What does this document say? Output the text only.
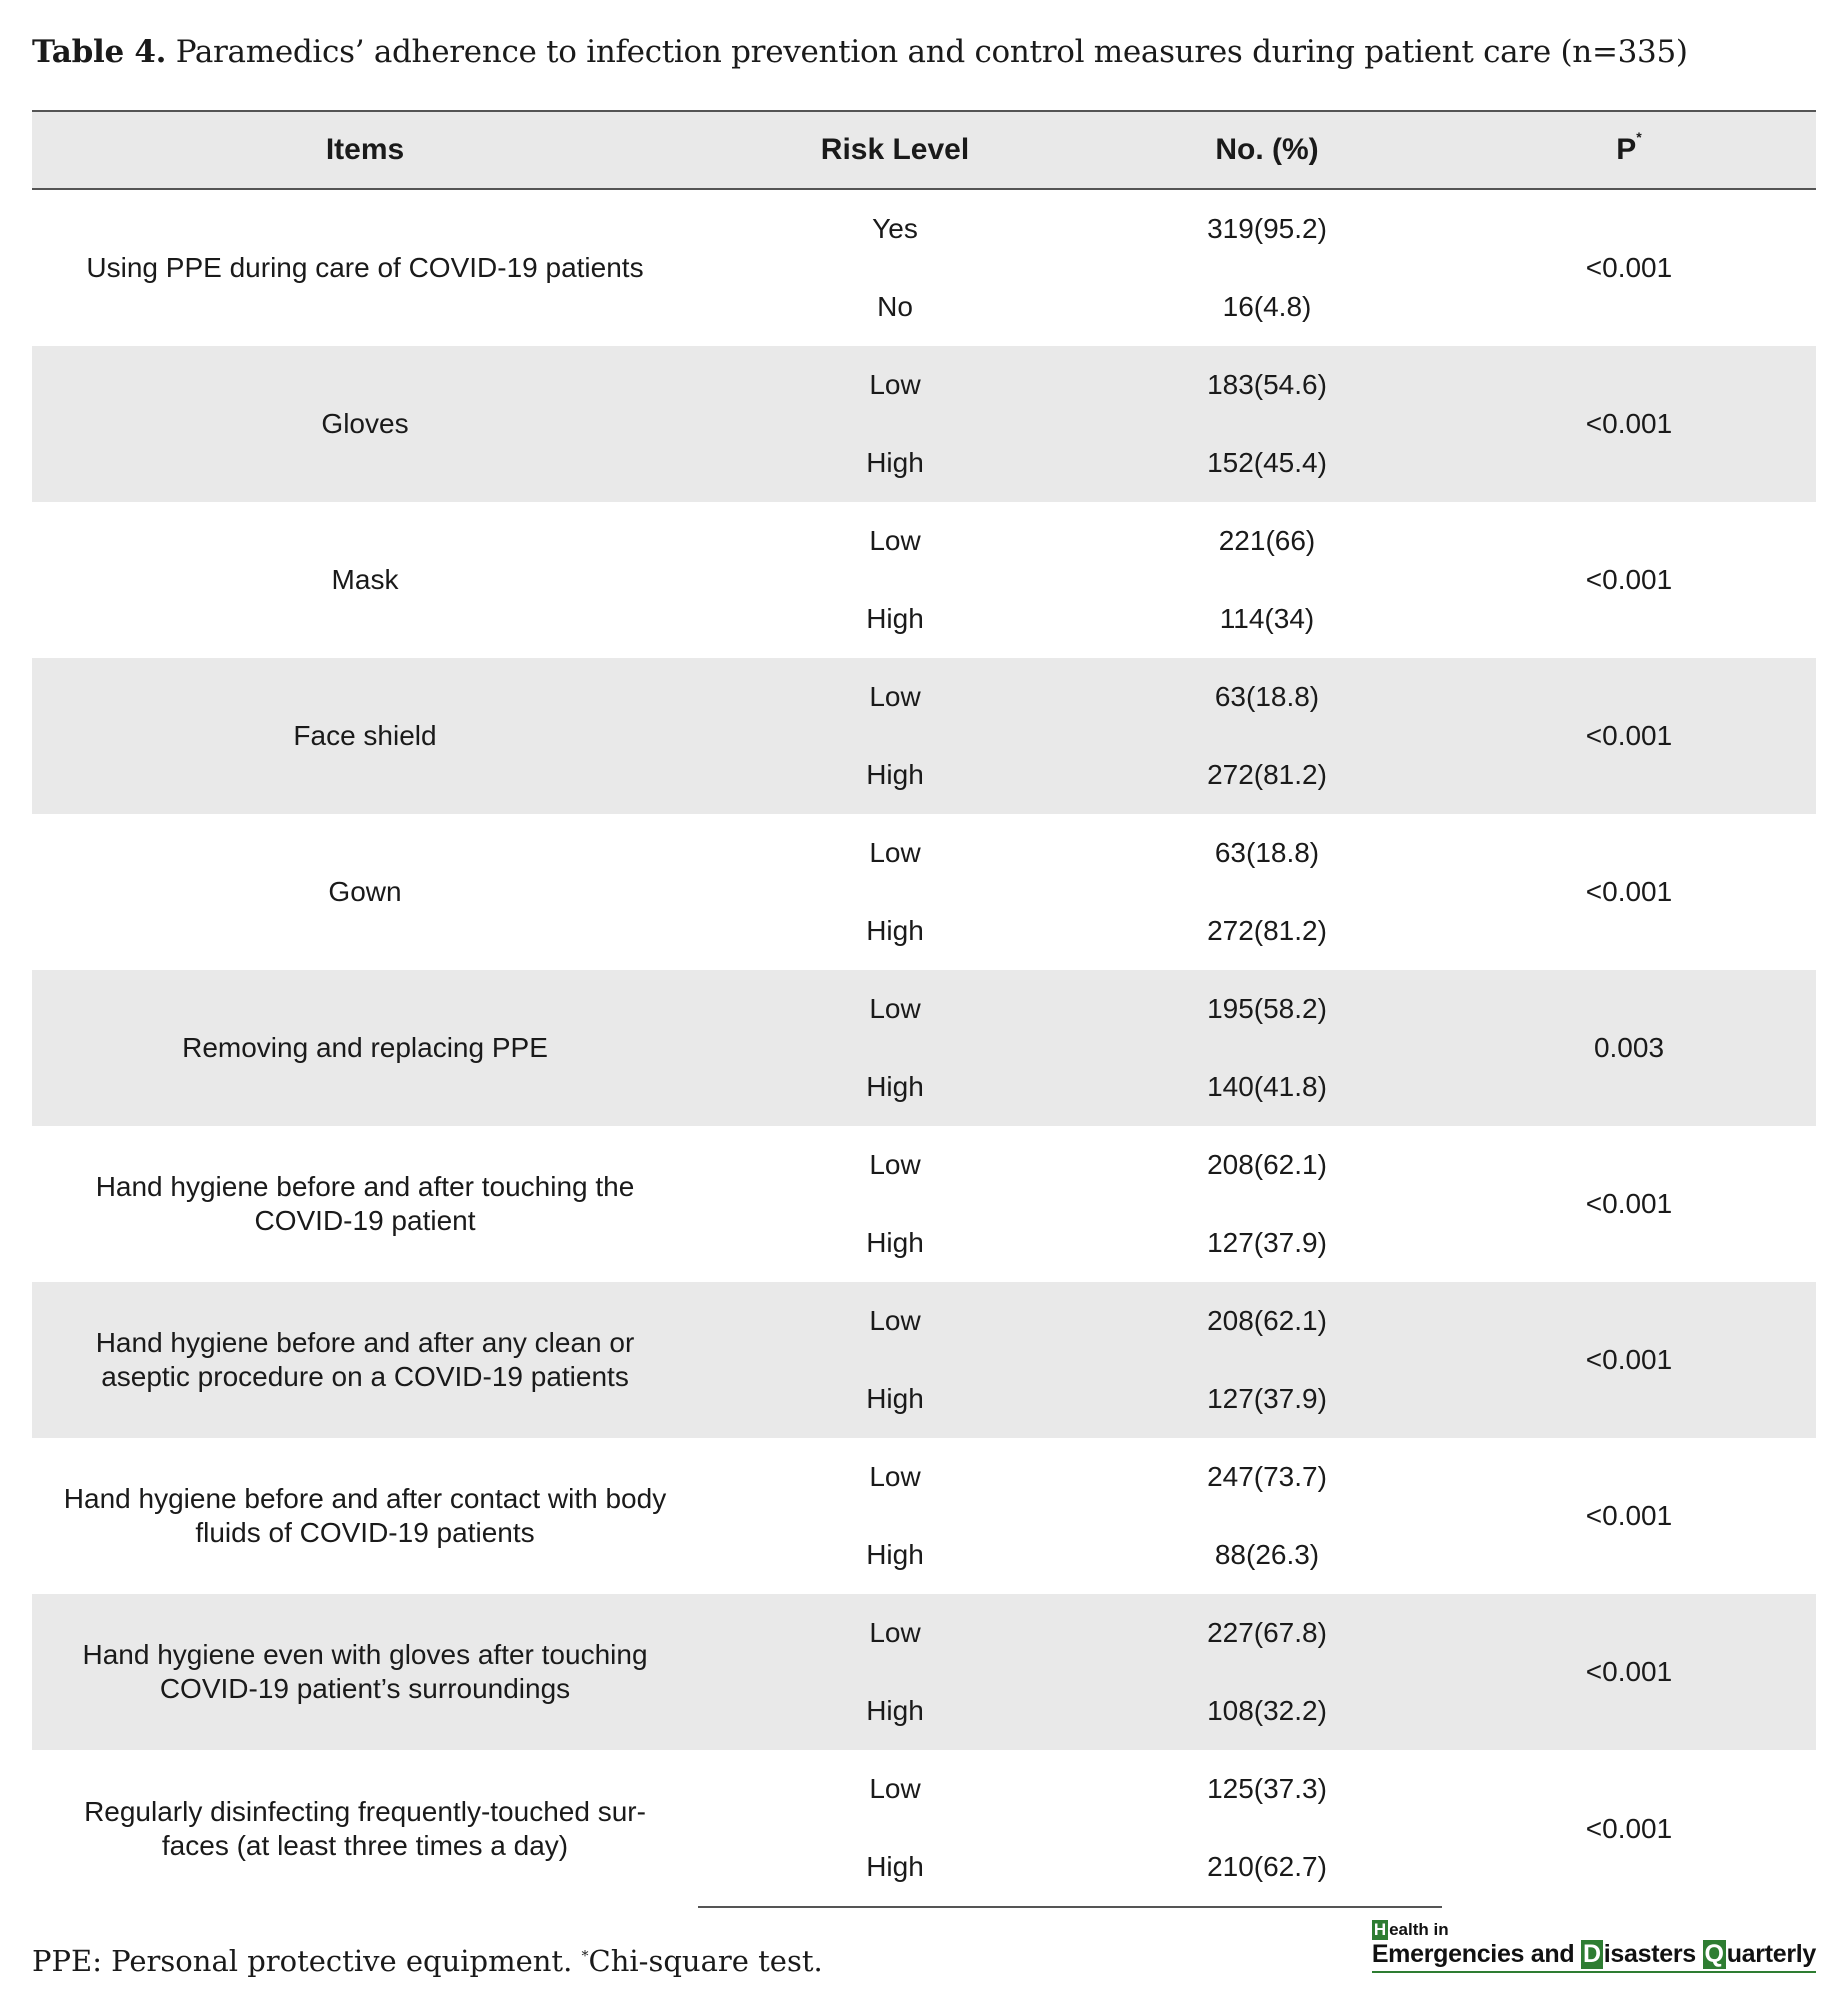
Table 4. Paramedics’ adherence to infection prevention and control measures during patient care (n=335)
Items	Risk Level	No. (%)	P*
Using PPE during care of COVID-19 patients	Yes	319(95.2)	<0.001
	No	16(4.8)	
Gloves	Low	183(54.6)	<0.001
	High	152(45.4)	
Mask	Low	221(66)	<0.001
	High	114(34)	
Face shield	Low	63(18.8)	<0.001
	High	272(81.2)	
Gown	Low	63(18.8)	<0.001
	High	272(81.2)	
Removing and replacing PPE	Low	195(58.2)	0.003
	High	140(41.8)	
Hand hygiene before and after touching the COVID-19 patient	Low	208(62.1)	<0.001
	High	127(37.9)	
Hand hygiene before and after any clean or aseptic procedure on a COVID-19 patients	Low	208(62.1)	<0.001
	High	127(37.9)	
Hand hygiene before and after contact with body fluids of COVID-19 patients	Low	247(73.7)	<0.001
	High	88(26.3)	
Hand hygiene even with gloves after touching COVID-19 patient’s surroundings	Low	227(67.8)	<0.001
	High	108(32.2)	
Regularly disinfecting frequently-touched sur-faces (at least three times a day)	Low	125(37.3)	<0.001
	High	210(62.7)	
PPE: Personal protective equipment. *Chi-square test.
H ealth in
Emergencies and D isasters Q uarterly
